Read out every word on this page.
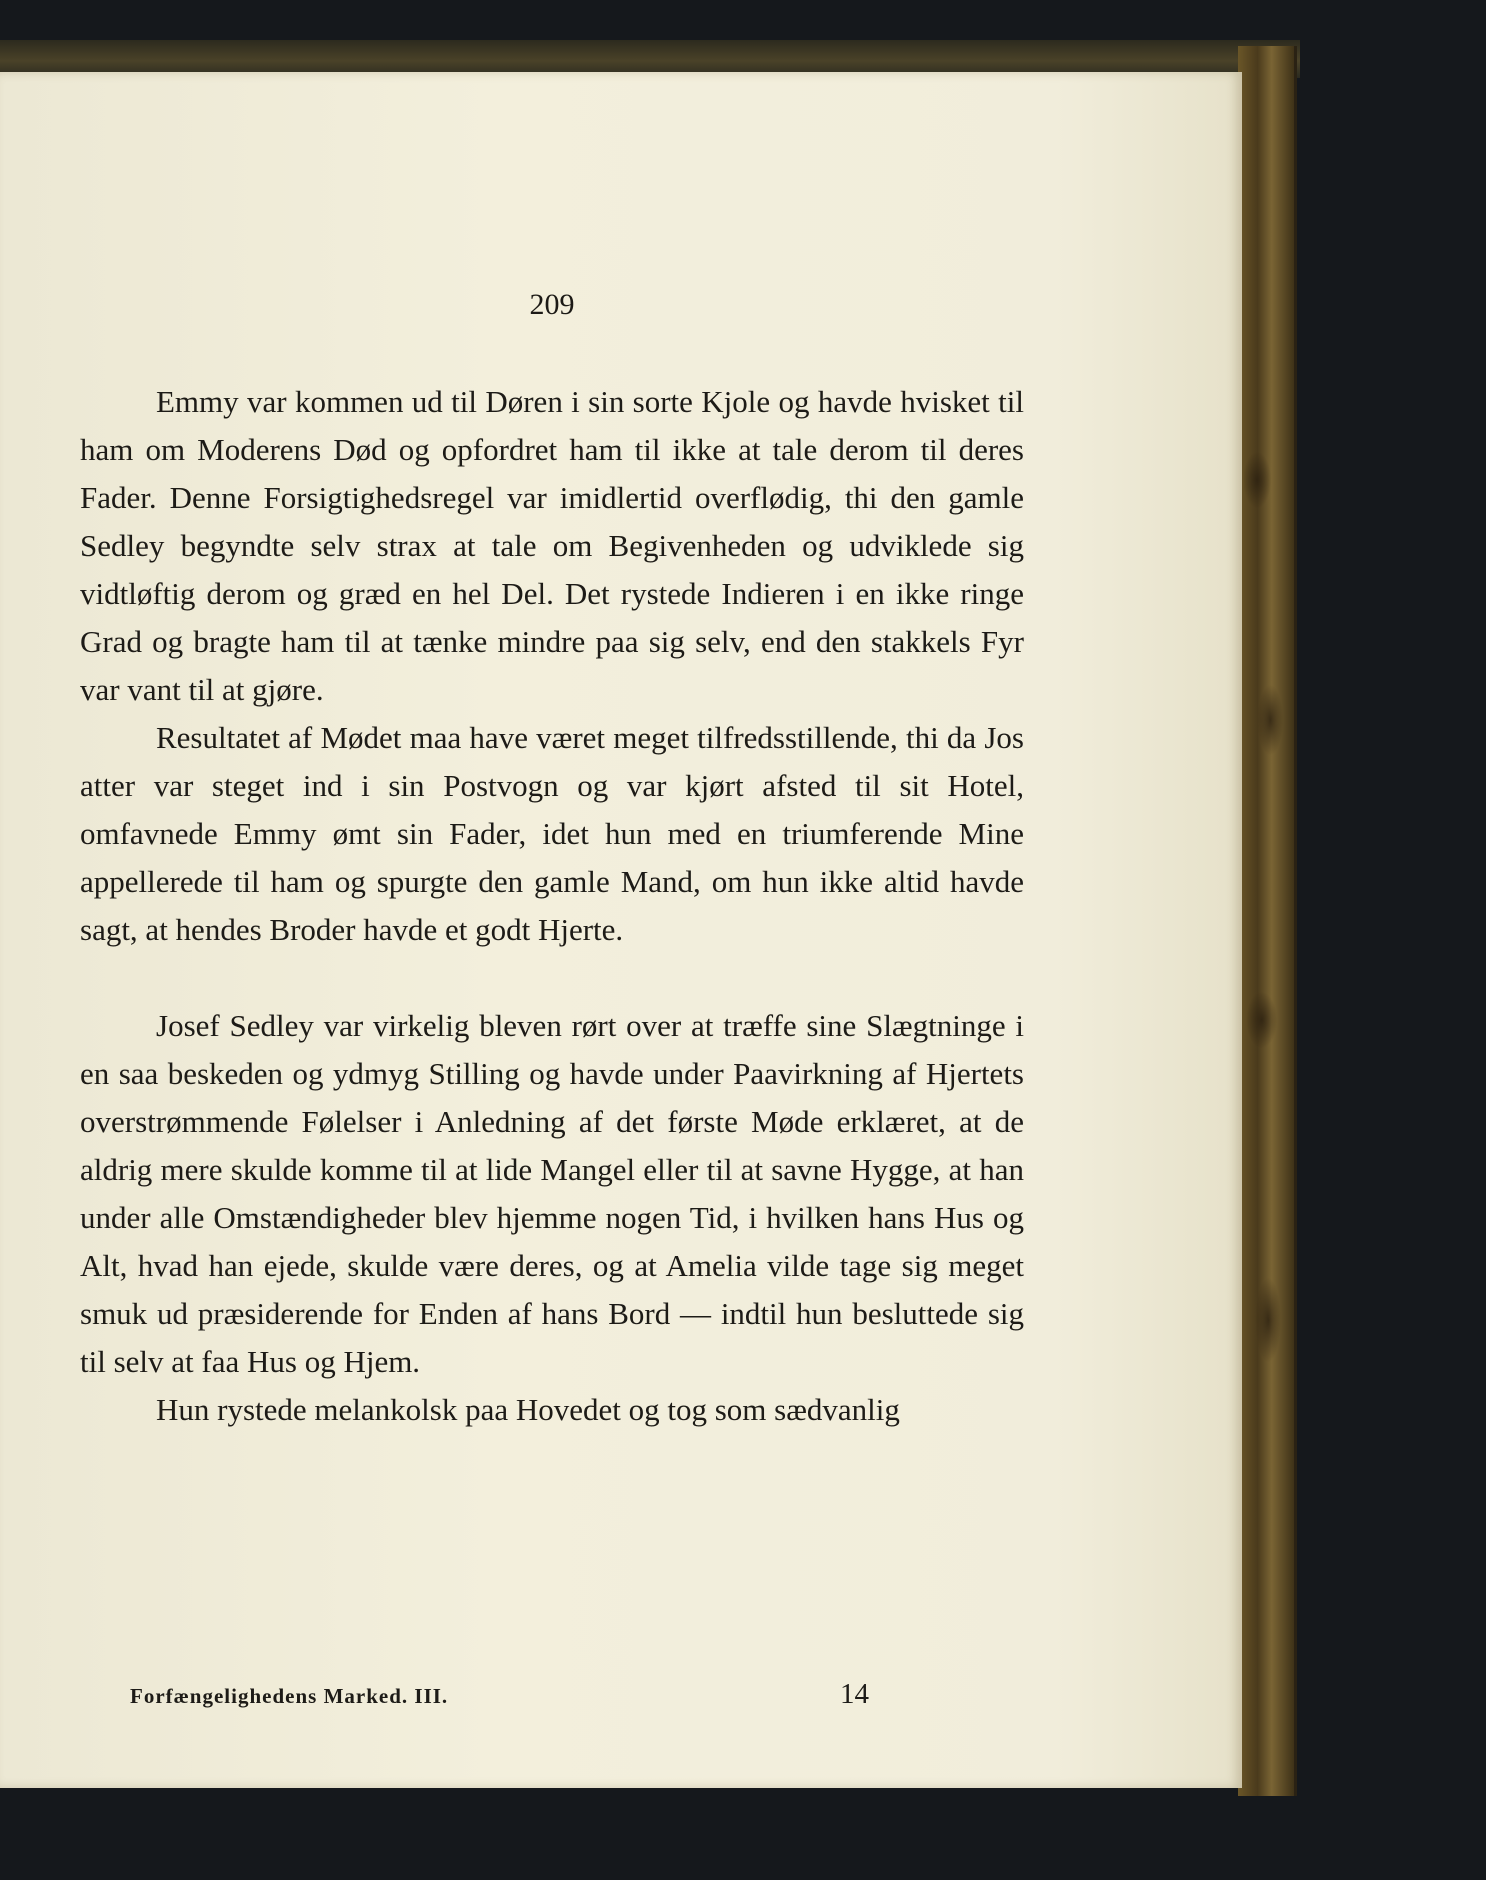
209

Emmy var kommen ud til Døren i sin sorte Kjole og havde hvisket til ham om Moderens Død og opfordret ham til ikke at tale derom til deres Fader. Denne Forsigtighedsregel var imidlertid overflødig, thi den gamle Sedley begyndte selv strax at tale om Begivenheden og udviklede sig vidtløftig derom og græd en hel Del. Det rystede Indieren i en ikke ringe Grad og bragte ham til at tænke mindre paa sig selv, end den stakkels Fyr var vant til at gjøre.

Resultatet af Mødet maa have været meget tilfredsstillende, thi da Jos atter var steget ind i sin Postvogn og var kjørt afsted til sit Hotel, omfavnede Emmy ømt sin Fader, idet hun med en triumferende Mine appellerede til ham og spurgte den gamle Mand, om hun ikke altid havde sagt, at hendes Broder havde et godt Hjerte.

Josef Sedley var virkelig bleven rørt over at træffe sine Slægtninge i en saa beskeden og ydmyg Stilling og havde under Paavirkning af Hjertets overstrømmende Følelser i Anledning af det første Møde erklæret, at de aldrig mere skulde komme til at lide Mangel eller til at savne Hygge, at han under alle Omstændigheder blev hjemme nogen Tid, i hvilken hans Hus og Alt, hvad han ejede, skulde være deres, og at Amelia vilde tage sig meget smuk ud præsiderende for Enden af hans Bord — indtil hun besluttede sig til selv at faa Hus og Hjem.

Hun rystede melankolsk paa Hovedet og tog som sædvanlig

Forfængelighedens Marked. III.	14
